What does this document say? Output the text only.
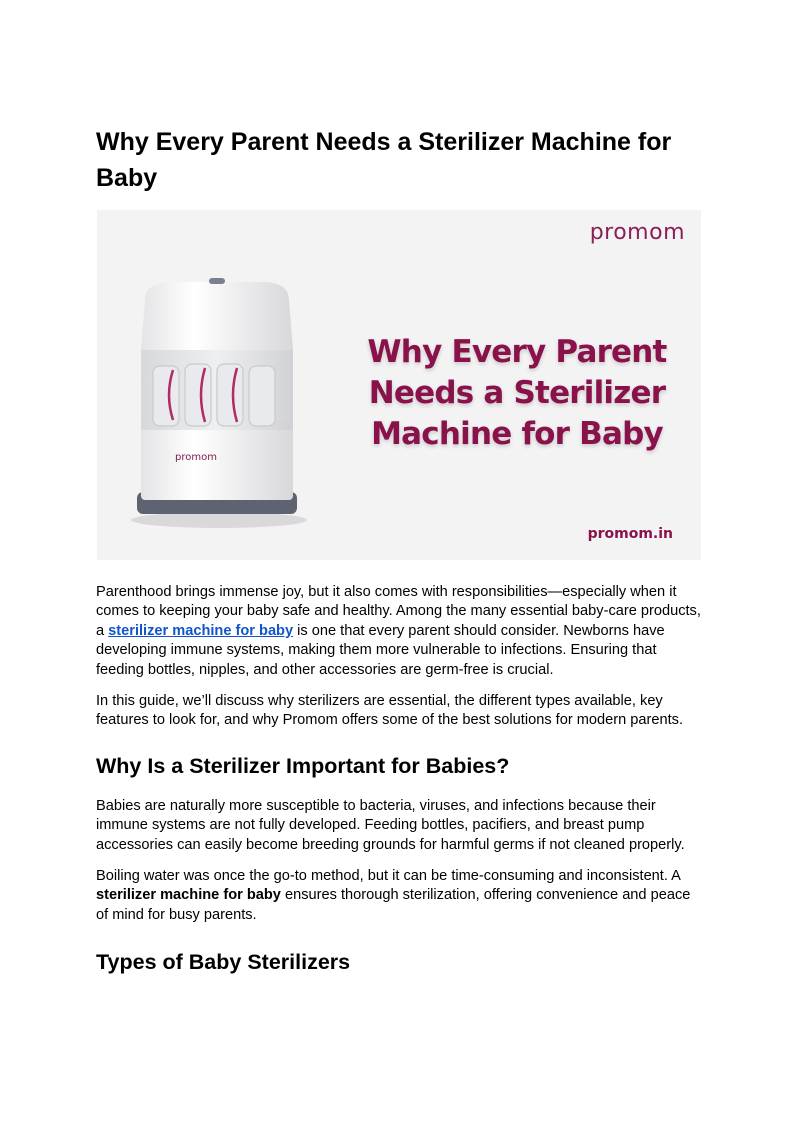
Why Every Parent Needs a Sterilizer Machine for Baby
promom
promom
Why Every Parent Needs a Sterilizer Machine for Baby
promom.in

Parenthood brings immense joy, but it also comes with responsibilities—especially when it comes to keeping your baby safe and healthy. Among the many essential baby-care products, a sterilizer machine for baby is one that every parent should consider. Newborns have developing immune systems, making them more vulnerable to infections. Ensuring that feeding bottles, nipples, and other accessories are germ-free is crucial.

In this guide, we’ll discuss why sterilizers are essential, the different types available, key features to look for, and why Promom offers some of the best solutions for modern parents.

Why Is a Sterilizer Important for Babies?

Babies are naturally more susceptible to bacteria, viruses, and infections because their immune systems are not fully developed. Feeding bottles, pacifiers, and breast pump accessories can easily become breeding grounds for harmful germs if not cleaned properly.

Boiling water was once the go-to method, but it can be time-consuming and inconsistent. A sterilizer machine for baby ensures thorough sterilization, offering convenience and peace of mind for busy parents.

Types of Baby Sterilizers
